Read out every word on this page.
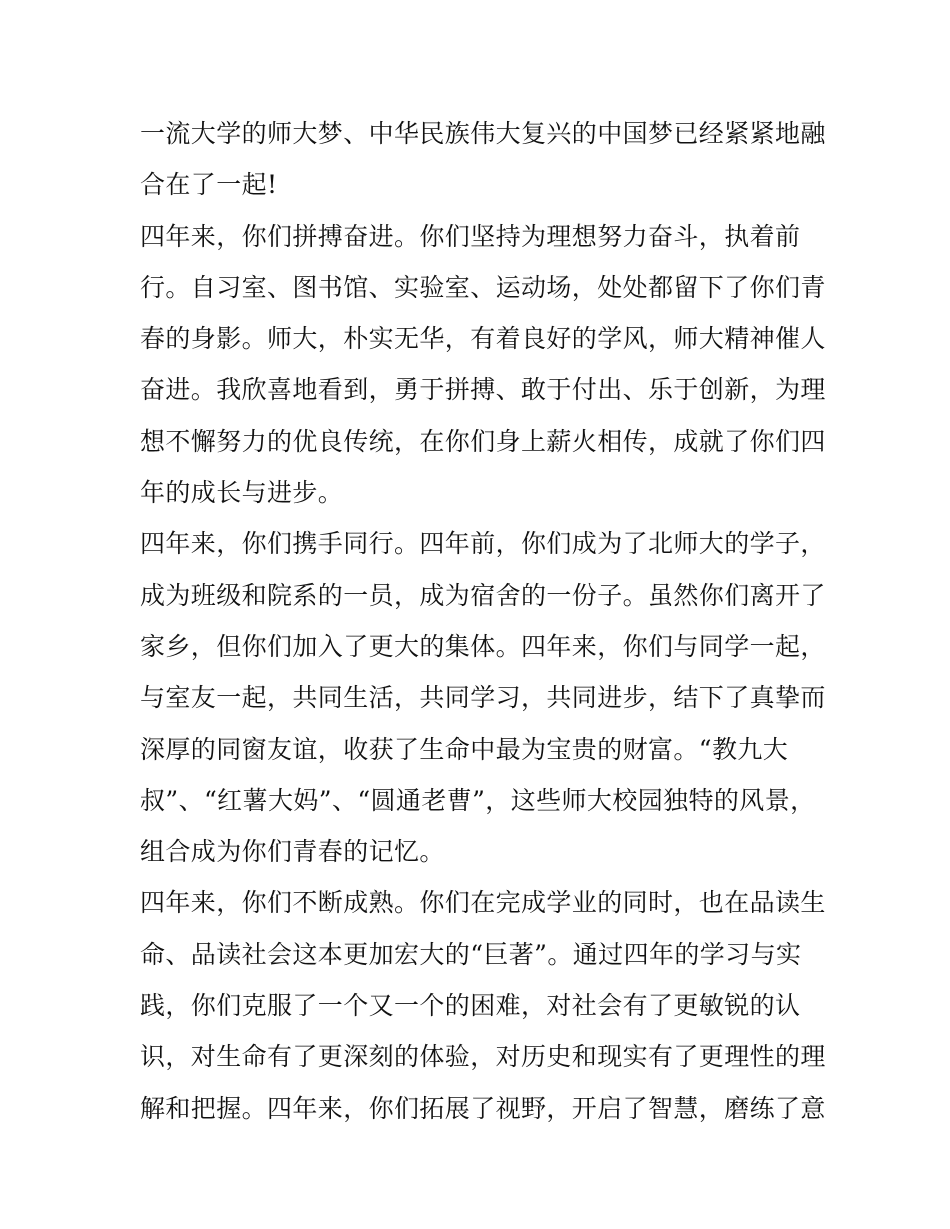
一流大学的师大梦、中华民族伟大复兴的中国梦已经紧紧地融
合在了一起!
四年来，你们拼搏奋进。你们坚持为理想努力奋斗，执着前
行。自习室、图书馆、实验室、运动场，处处都留下了你们青
春的身影。师大，朴实无华，有着良好的学风，师大精神催人
奋进。我欣喜地看到，勇于拼搏、敢于付出、乐于创新，为理
想不懈努力的优良传统，在你们身上薪火相传，成就了你们四
年的成长与进步。
四年来，你们携手同行。四年前，你们成为了北师大的学子，
成为班级和院系的一员，成为宿舍的一份子。虽然你们离开了
家乡，但你们加入了更大的集体。四年来，你们与同学一起，
与室友一起，共同生活，共同学习，共同进步，结下了真挚而
深厚的同窗友谊，收获了生命中最为宝贵的财富。“教九大
叔”、“红薯大妈”、“圆通老曹”，这些师大校园独特的风景，
组合成为你们青春的记忆。
四年来，你们不断成熟。你们在完成学业的同时，也在品读生
命、品读社会这本更加宏大的“巨著”。通过四年的学习与实
践，你们克服了一个又一个的困难，对社会有了更敏锐的认
识，对生命有了更深刻的体验，对历史和现实有了更理性的理
解和把握。四年来，你们拓展了视野，开启了智慧，磨练了意
